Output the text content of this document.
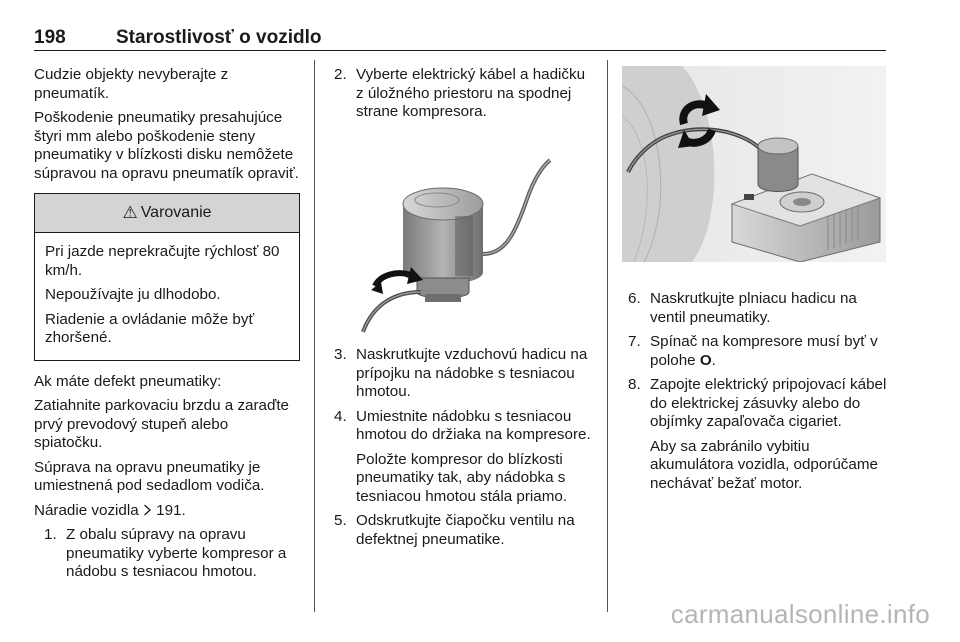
198	Starostlivosť o vozidlo

Cudzie objekty nevyberajte z pneumatík.

Poškodenie pneumatiky presahujúce štyri mm alebo poškodenie steny pneumatiky v blízkosti disku nemôžete súpravou na opravu pneumatík opraviť.

⚠ Varovanie

Pri jazde neprekračujte rýchlosť 80 km/h.

Nepoužívajte ju dlhodobo.

Riadenie a ovládanie môže byť zhoršené.

Ak máte defekt pneumatiky:

Zatiahnite parkovaciu brzdu a zaraďte prvý prevodový stupeň alebo spiatočku.

Súprava na opravu pneumatiky je umiestnená pod sedadlom vodiča.

Náradie vozidla 191.

1. Z obalu súpravy na opravu pneumatiky vyberte kompresor a nádobu s tesniacou hmotou.
2. Vyberte elektrický kábel a hadičku z úložného priestoru na spodnej strane kompresora.
3. Naskrutkujte vzduchovú hadicu na prípojku na nádobke s tesniacou hmotou.
4. Umiestnite nádobku s tesniacou hmotou do držiaka na kompresore.

Položte kompresor do blízkosti pneumatiky tak, aby nádobka s tesniacou hmotou stála priamo.

5. Odskrutkujte čiapočku ventilu na defektnej pneumatike.
6. Naskrutkujte plniacu hadicu na ventil pneumatiky.
7. Spínač na kompresore musí byť v polohe O.
8. Zapojte elektrický pripojovací kábel do elektrickej zásuvky alebo do objímky zapaľovača cigariet.

Aby sa zabránilo vybitiu akumulátora vozidla, odporúčame nechávať bežať motor.

carmanualsonline.info
